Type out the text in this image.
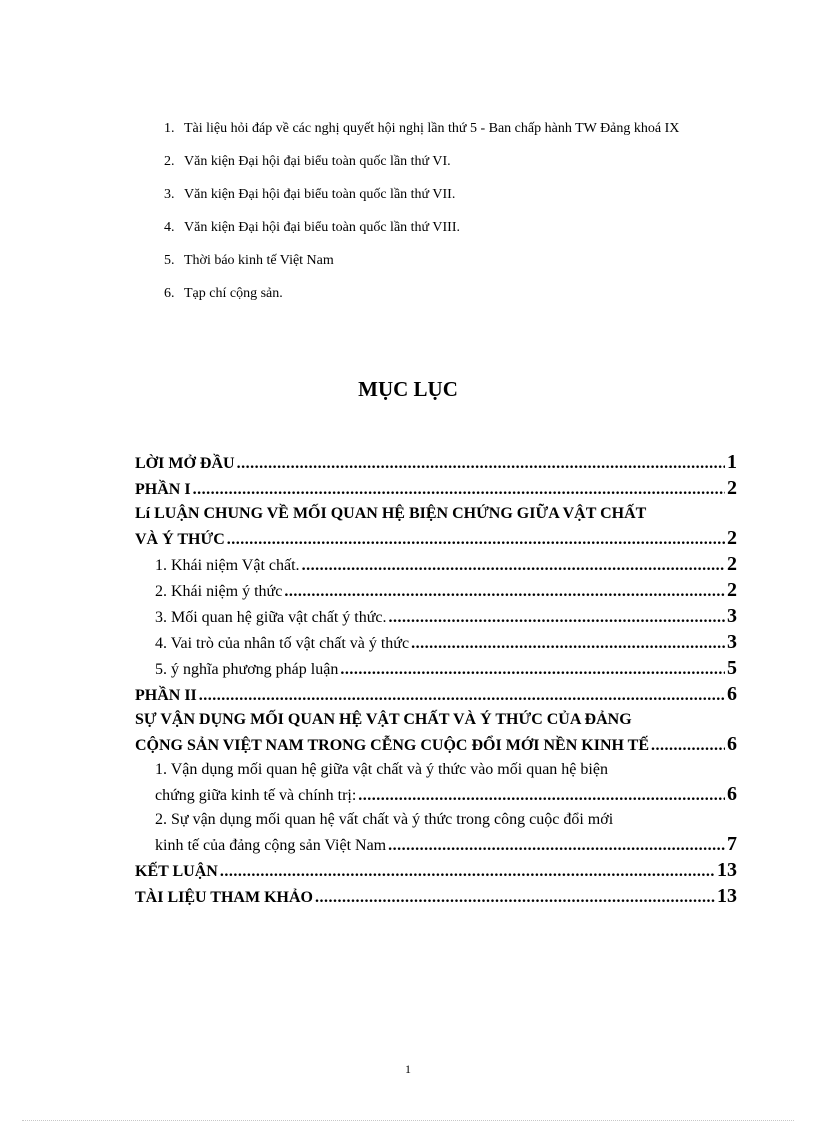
1. Tài liệu hỏi đáp về các nghị quyết hội nghị lần thứ 5 - Ban chấp hành TW Đảng khoá IX
2. Văn kiện Đại hội đại biểu toàn quốc lần thứ VI.
3. Văn kiện Đại hội đại biểu toàn quốc lần thứ VII.
4. Văn kiện Đại hội đại biểu toàn quốc lần thứ VIII.
5. Thời báo kinh tế Việt Nam
6. Tạp chí cộng sản.
MỤC LỤC
LỜI MỞ ĐẦU .....	1
PHẦN I .....	2
Lí LUẬN CHUNG VỀ MỐI QUAN HỆ BIỆN CHỨNG GIỮA VẬT CHẤT
VÀ Ý THỨC .....	2
1. Khái niệm Vật chất. .....	2
2. Khái niệm ý thức .....	2
3. Mối quan hệ giữa vật chất ý thức. .....	3
4. Vai trò của nhân tố vật chất và ý thức .....	3
5. ý nghĩa phương pháp luận .....	5
PHẦN II .....	6
SỰ VẬN DỤNG MỐI QUAN HỆ VẬT CHẤT VÀ Ý THỨC CỦA ĐẢNG
CỘNG SẢN VIỆT NAM TRONG CỄNG CUỘC ĐỔI MỚI NỀN KINH TẾ .....	6
1. Vận dụng mối quan hệ giữa vật chất và ý thức vào mối quan hệ biện
chứng giữa kinh tế và chính trị: .....	6
2. Sự vận dụng mối quan hệ vất chất và ý thức trong công cuộc đổi mới
kinh tế của đảng cộng sản Việt Nam .....	7
KẾT LUẬN .....	13
TÀI LIỆU THAM KHẢO .....	13
1
